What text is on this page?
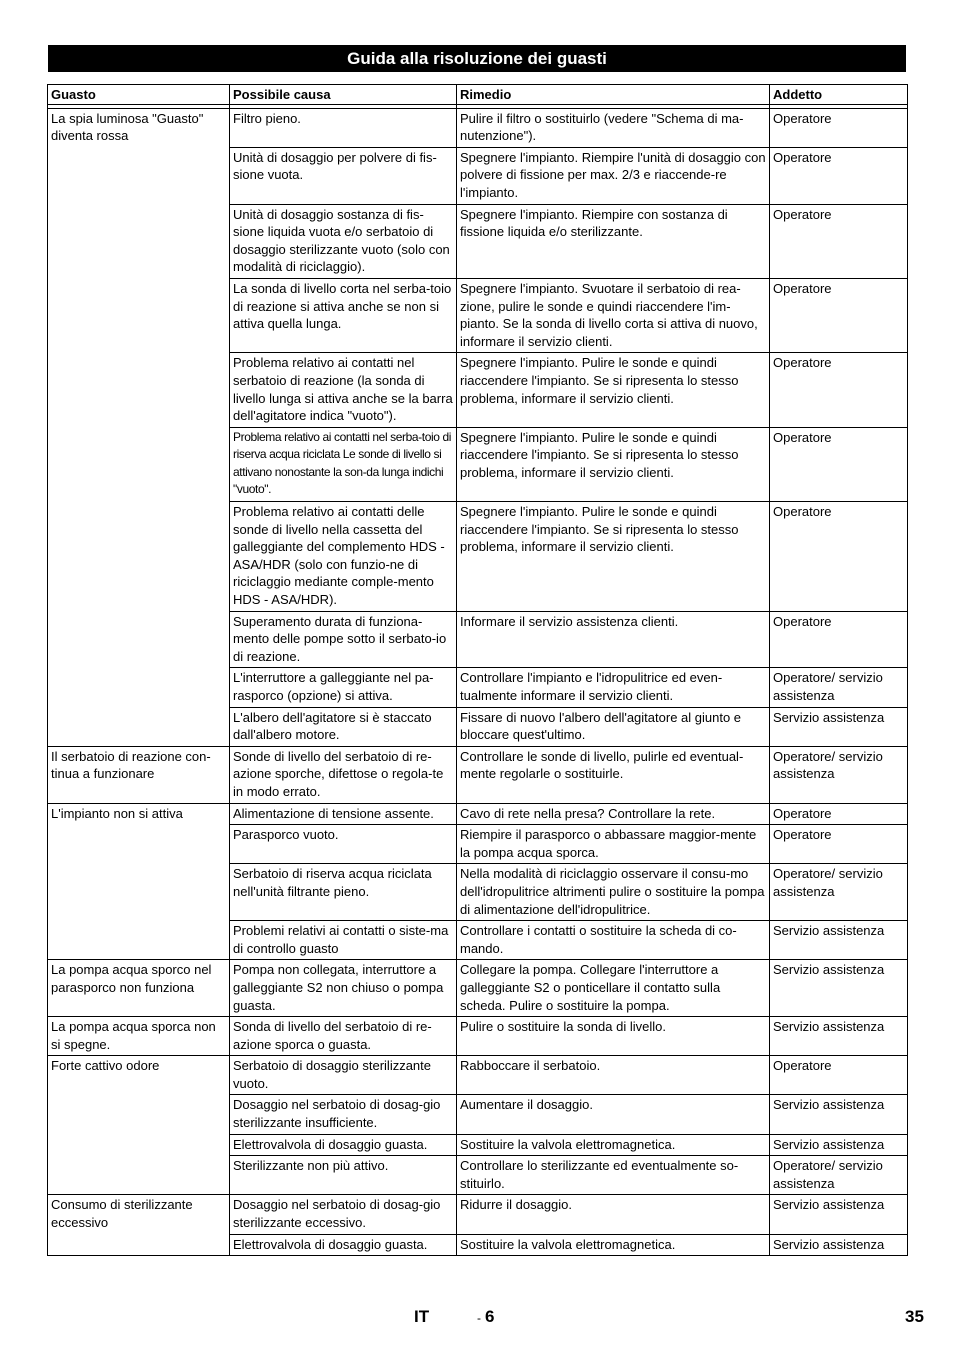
Guida alla risoluzione dei guasti
Guasto	Possibile causa	Rimedio	Addetto

La spia luminosa "Guasto" diventa rossa	Filtro pieno.	Pulire il filtro o sostituirlo (vedere "Schema di ma-nutenzione").	Operatore
	Unità di dosaggio per polvere di fis-sione vuota.	Spegnere l'impianto. Riempire l'unità di dosaggio con polvere di fissione per max. 2/3 e riaccende-re l'impianto.	Operatore
	Unità di dosaggio sostanza di fis-sione liquida vuota e/o serbatoio di dosaggio sterilizzante vuoto (solo con modalità di riciclaggio).	Spegnere l'impianto. Riempire con sostanza di fissione liquida e/o sterilizzante.	Operatore
	La sonda di livello corta nel serba-toio di reazione si attiva anche se non si attiva quella lunga.	Spegnere l'impianto. Svuotare il serbatoio di rea-zione, pulire le sonde e quindi riaccendere l'im-pianto. Se la sonda di livello corta si attiva di nuovo, informare il servizio clienti.	Operatore
	Problema relativo ai contatti nel serbatoio di reazione (la sonda di livello lunga si attiva anche se la barra dell'agitatore indica "vuoto").	Spegnere l'impianto. Pulire le sonde e quindi riaccendere l'impianto. Se si ripresenta lo stesso problema, informare il servizio clienti.	Operatore
	Problema relativo ai contatti nel serba-toio di riserva acqua riciclata Le sonde di livello si attivano nonostante la son-da lunga indichi "vuoto".	Spegnere l'impianto. Pulire le sonde e quindi riaccendere l'impianto. Se si ripresenta lo stesso problema, informare il servizio clienti.	Operatore
	Problema relativo ai contatti delle sonde di livello nella cassetta del galleggiante del complemento HDS - ASA/HDR (solo con funzio-ne di riciclaggio mediante comple-mento HDS - ASA/HDR).	Spegnere l'impianto. Pulire le sonde e quindi riaccendere l'impianto. Se si ripresenta lo stesso problema, informare il servizio clienti.	Operatore
	Superamento durata di funziona-mento delle pompe sotto il serbato-io di reazione.	Informare il servizio assistenza clienti.	Operatore
	L'interruttore a galleggiante nel pa-rasporco (opzione) si attiva.	Controllare l'impianto e l'idropulitrice ed even-tualmente informare il servizio clienti.	Operatore/ servizio assistenza
	L'albero dell'agitatore si è staccato dall'albero motore.	Fissare di nuovo l'albero dell'agitatore al giunto e bloccare quest'ultimo.	Servizio assistenza
Il serbatoio di reazione con-tinua a funzionare	Sonde di livello del serbatoio di re-azione sporche, difettose o regola-te in modo errato.	Controllare le sonde di livello, pulirle ed eventual-mente regolarle o sostituirle.	Operatore/ servizio assistenza
L'impianto non si attiva	Alimentazione di tensione assente.	Cavo di rete nella presa? Controllare la rete.	Operatore
	Parasporco vuoto.	Riempire il parasporco o abbassare maggior-mente la pompa acqua sporca.	Operatore
	Serbatoio di riserva acqua riciclata nell'unità filtrante pieno.	Nella modalità di riciclaggio osservare il consu-mo dell'idropulitrice altrimenti pulire o sostituire la pompa di alimentazione dell'idropulitrice.	Operatore/ servizio assistenza
	Problemi relativi ai contatti o siste-ma di controllo guasto	Controllare i contatti o sostituire la scheda di co-mando.	Servizio assistenza
La pompa acqua sporco nel parasporco non funziona	Pompa non collegata, interruttore a galleggiante S2 non chiuso o pompa guasta.	Collegare la pompa. Collegare l'interruttore a galleggiante S2 o ponticellare il contatto sulla scheda. Pulire o sostituire la pompa.	Servizio assistenza
La pompa acqua sporca non si spegne.	Sonda di livello del serbatoio di re-azione sporca o guasta.	Pulire o sostituire la sonda di livello.	Servizio assistenza
Forte cattivo odore	Serbatoio di dosaggio sterilizzante vuoto.	Rabboccare il serbatoio.	Operatore
	Dosaggio nel serbatoio di dosag-gio sterilizzante insufficiente.	Aumentare il dosaggio.	Servizio assistenza
	Elettrovalvola di dosaggio guasta.	Sostituire la valvola elettromagnetica.	Servizio assistenza
	Sterilizzante non più attivo.	Controllare lo sterilizzante ed eventualmente so-stituirlo.	Operatore/ servizio assistenza
Consumo di sterilizzante eccessivo	Dosaggio nel serbatoio di dosag-gio sterilizzante eccessivo.	Ridurre il dosaggio.	Servizio assistenza
	Elettrovalvola di dosaggio guasta.	Sostituire la valvola elettromagnetica.	Servizio assistenza
IT	- 6	35
